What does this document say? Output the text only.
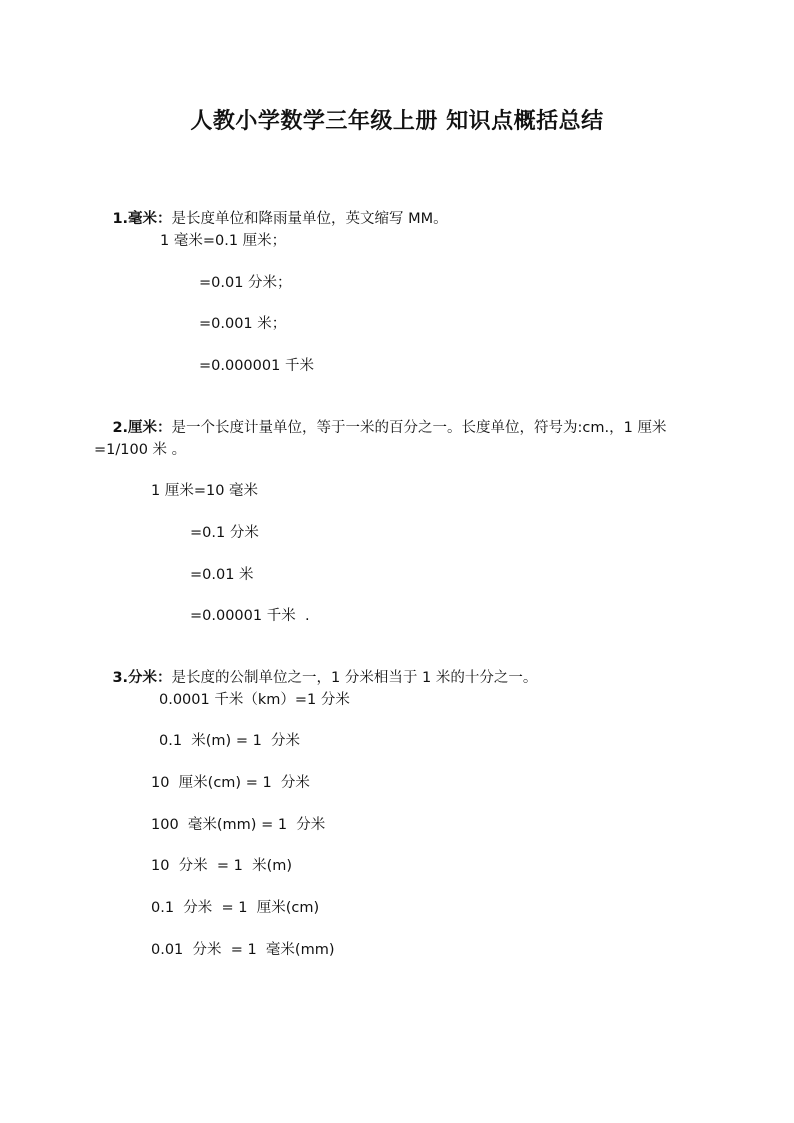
人教小学数学三年级上册 知识点概括总结

1.毫米：是长度单位和降雨量单位，英文缩写 MM。

1 毫米=0.1 厘米；
=0.01 分米；
=0.001 米；
=0.000001 千米

2.厘米：是一个长度计量单位，等于一米的百分之一。长度单位，符号为:cm.，1 厘米

=1/100 米 。
1 厘米=10 毫米
=0.1 分米
=0.01 米
=0.00001 千米  .

3.分米：是长度的公制单位之一，1 分米相当于 1 米的十分之一。

0.0001 千米（km）=1 分米
0.1  米(m) = 1  分米
10  厘米(cm) = 1  分米
100  毫米(mm) = 1  分米
10  分米  = 1  米(m)
0.1  分米  = 1  厘米(cm)
0.01  分米  = 1  毫米(mm)
